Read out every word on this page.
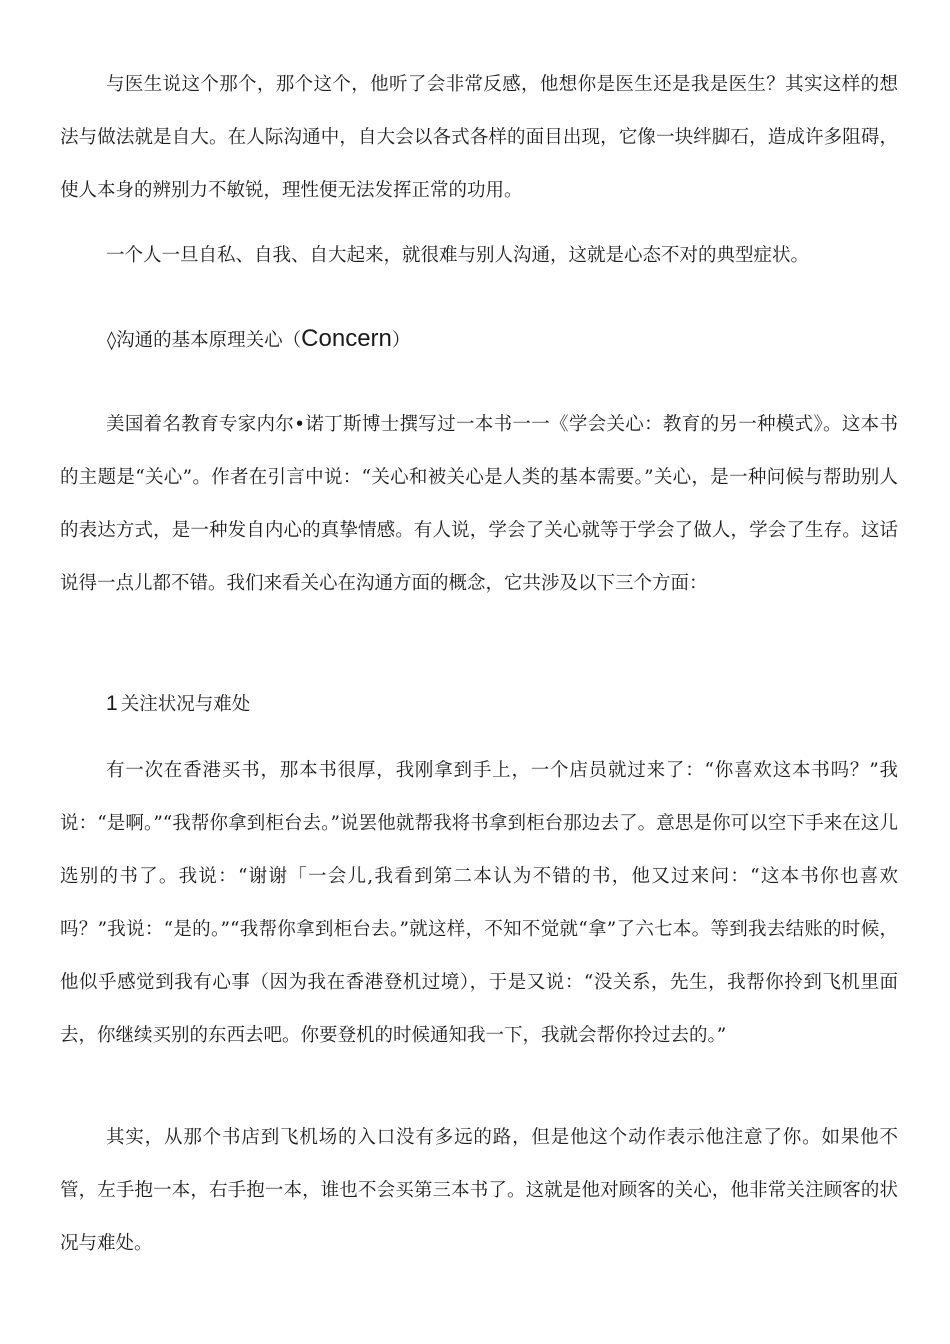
与医生说这个那个，那个这个，他听了会非常反感，他想你是医生还是我是医生？其实这样的想法与做法就是自大。在人际沟通中，自大会以各式各样的面目出现，它像一块绊脚石，造成许多阻碍，使人本身的辨别力不敏锐，理性便无法发挥正常的功用。

一个人一旦自私、自我、自大起来，就很难与别人沟通，这就是心态不对的典型症状。

◊沟通的基本原理关心（Concern）

美国着名教育专家内尔•诺丁斯博士撰写过一本书一一《学会关心：教育的另一种模式》。这本书的主题是“关心”。作者在引言中说：“关心和被关心是人类的基本需要。”关心，是一种问候与帮助别人的表达方式，是一种发自内心的真挚情感。有人说，学会了关心就等于学会了做人，学会了生存。这话说得一点儿都不错。我们来看关心在沟通方面的概念，它共涉及以下三个方面：

1 关注状况与难处

有一次在香港买书，那本书很厚，我刚拿到手上，一个店员就过来了：“你喜欢这本书吗？”我说：“是啊。”“我帮你拿到柜台去。”说罢他就帮我将书拿到柜台那边去了。意思是你可以空下手来在这儿选别的书了。我说：“谢谢「一会儿,我看到第二本认为不错的书，他又过来问：“这本书你也喜欢吗？”我说：“是的。”“我帮你拿到柜台去。”就这样，不知不觉就“拿”了六七本。等到我去结账的时候，他似乎感觉到我有心事（因为我在香港登机过境），于是又说：“没关系，先生，我帮你拎到飞机里面去，你继续买别的东西去吧。你要登机的时候通知我一下，我就会帮你拎过去的。”

其实，从那个书店到飞机场的入口没有多远的路，但是他这个动作表示他注意了你。如果他不管，左手抱一本，右手抱一本，谁也不会买第三本书了。这就是他对顾客的关心，他非常关注顾客的状况与难处。
